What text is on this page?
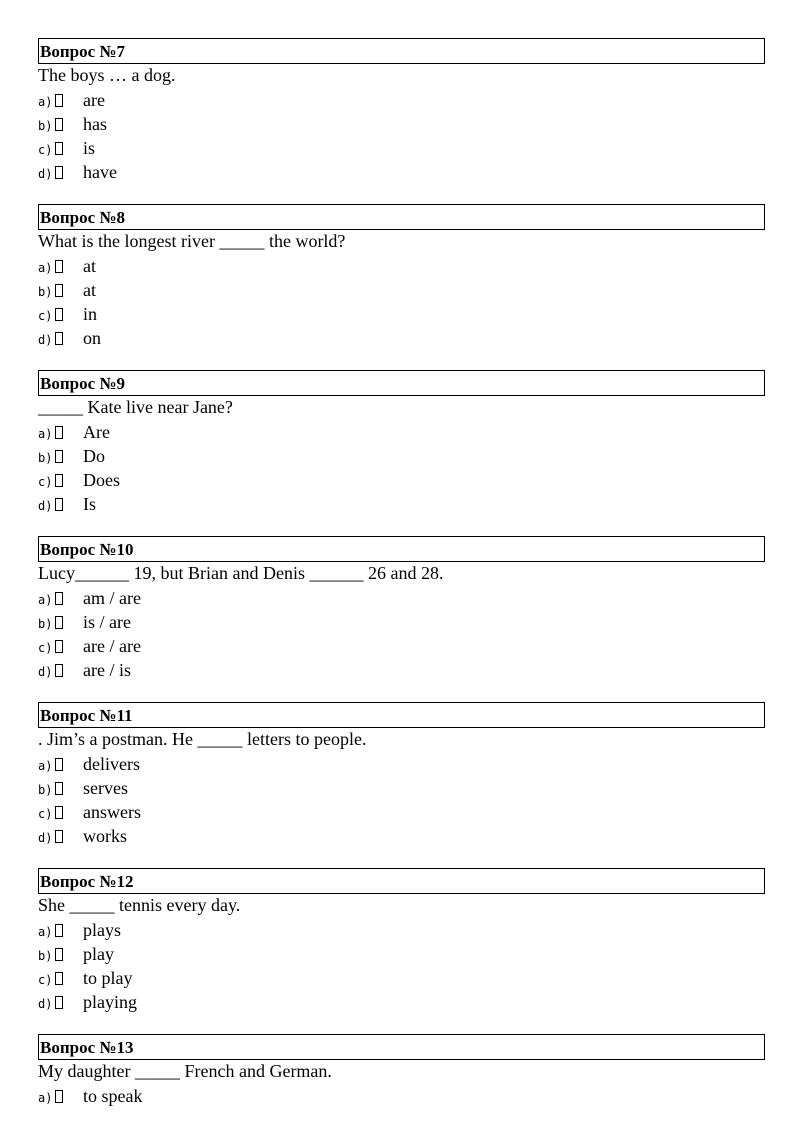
Вопрос №7
The boys … a dog.
a)	are
b)	has
c)	is
d)	have
Вопрос №8
What is the longest river _____ the world?
a)	at
b)	at
c)	in
d)	on
Вопрос №9
_____ Kate live near Jane?
a)	Are
b)	Do
c)	Does
d)	Is
Вопрос №10
Lucy______ 19, but Brian and Denis ______ 26 and 28.
a)	am / are
b)	is / are
c)	are / are
d)	are / is
Вопрос №11
. Jim’s a postman. He _____ letters to people.
a)	delivers
b)	serves
c)	answers
d)	works
Вопрос №12
She _____ tennis every day.
a)	plays
b)	play
c)	to play
d)	playing
Вопрос №13
My daughter _____ French and German.
a)	to speak
